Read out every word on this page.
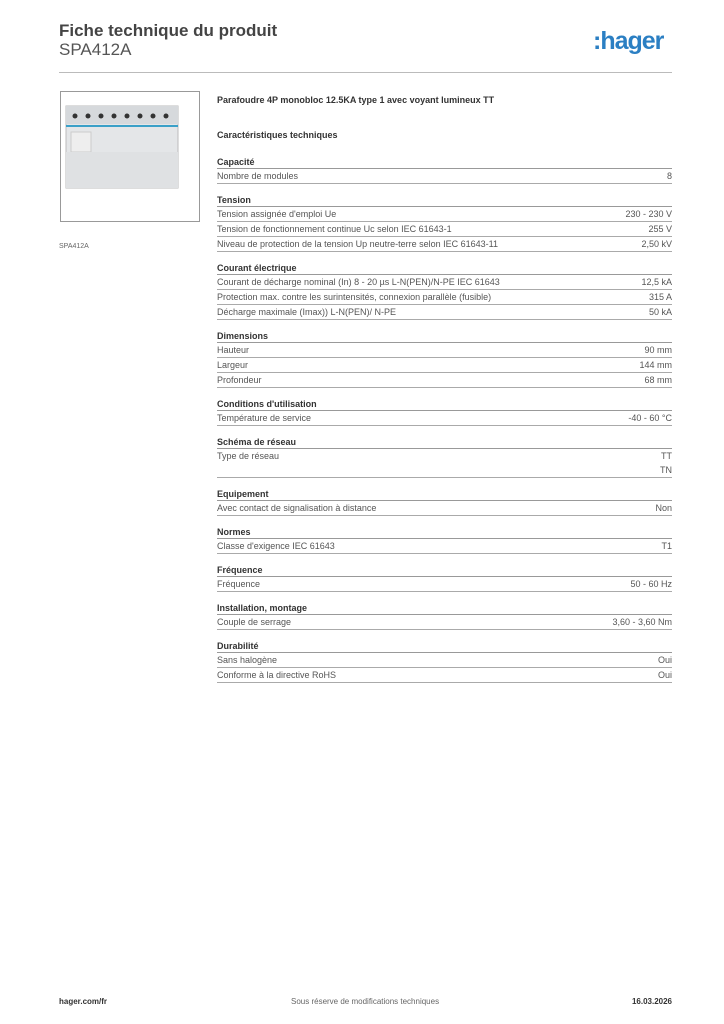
Fiche technique du produit
SPA412A	:hager
SPA412A
Parafoudre 4P monobloc 12.5KA type 1 avec voyant lumineux TT
Caractéristiques techniques
Capacité
Nombre de modules	8
Tension
Tension assignée d'emploi Ue	230 - 230 V
Tension de fonctionnement continue Uc selon IEC 61643-1	255 V
Niveau de protection de la tension Up neutre-terre selon IEC 61643-11	2,50 kV
Courant électrique
Courant de décharge nominal (In) 8 - 20 µs L-N(PEN)/N-PE IEC 61643	12,5 kA
Protection max. contre les surintensités, connexion parallèle (fusible)	315 A
Décharge maximale (Imax)) L-N(PEN)/ N-PE	50 kA
Dimensions
Hauteur	90 mm
Largeur	144 mm
Profondeur	68 mm
Conditions d'utilisation
Température de service	-40 - 60 °C
Schéma de réseau
Type de réseau	TT
TN
Equipement
Avec contact de signalisation à distance	Non
Normes
Classe d'exigence IEC 61643	T1
Fréquence
Fréquence	50 - 60 Hz
Installation, montage
Couple de serrage	3,60 - 3,60 Nm
Durabilité
Sans halogène	Oui
Conforme à la directive RoHS	Oui
hager.com/fr	Sous réserve de modifications techniques	16.03.2026
